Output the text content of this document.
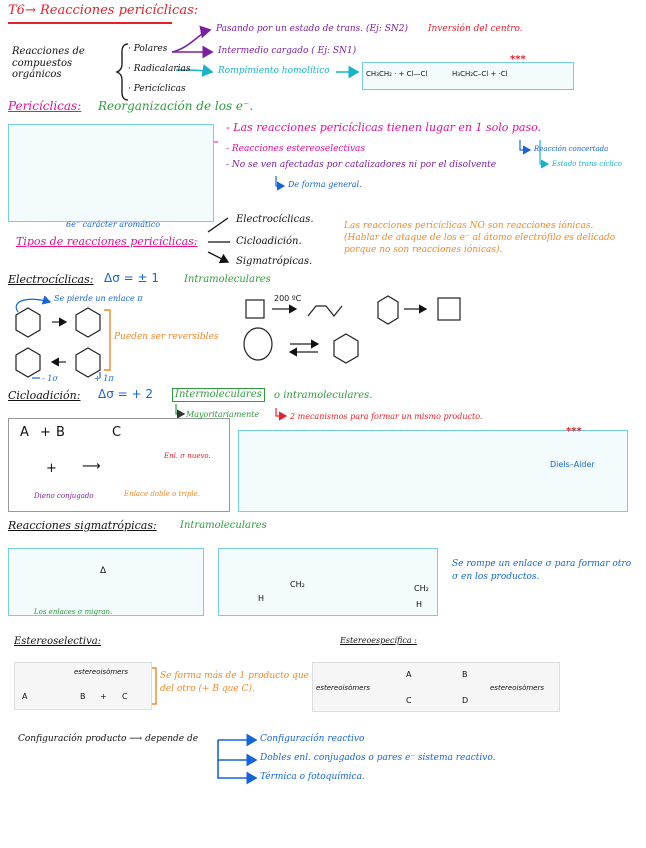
T6→ Reacciones pericíclicas:
Reacciones de compuestos orgánicos
· Polares
· Radicalarias
· Pericíclicas
Pasando por un estado de trans. (Ej: SN2) Inversión del centro.
Intermedio cargado ( Ej: SN1)
Rompimiento homolítico	CH₃CH₂ · + Cl—Cl	H₃CH₂C–Cl + ·Cl
***
Pericíclicas: Reorganización de los e⁻.
- Las reacciones pericíclicas tienen lugar en 1 solo paso.
Reacción concertada
Estado trans cíclico
- Reacciones estereoselectivas
- No se ven afectadas por catalizadores ni por el disolvente
De forma general.
6e⁻ carácter aromático
Tipos de reacciones pericíclicas:
Electrocíclicas.
Cicloadición.
Sigmatrópicas.
Las reacciones pericíclicas NO son reacciones iónicas.(Hablar de ataque de los e⁻ al átomo electrófilo es delicado porque no son reacciones iónicas).
Electrocíclicas: Δσ = ± 1 Intramoleculares
Se pierde un enlace π
Pueden ser reversibles
- 1σ	+ 1π
200 ºC
Cicloadición: Δσ = + 2	Intermoleculares	o intramoleculares.
Mayoritariamente	2 mecanismos para formar un mismo producto.
A + B	C
+ ⟶
Enl. σ nuevo.
Dieno conjugado	Enlace doble o triple.
Diels–Alder
***
Reacciones sigmatrópicas: Intramoleculares
Δ
Los enlaces σ migran.
CH₂
H
CH₂
H
Se rompe un enlace σ para formar otro σ en los productos.
Estereoselectiva:	Estereoespecífica :
estereoisòmers
A	B + C
Se forma más de 1 producto que del otro (+ B que C).	estereoisòmers	estereoisòmers
A	B
C	D
Configuración producto ⟶ depende de	Configuración reactivo
Dobles enl. conjugados o pares e⁻ sistema reactivo.
Térmica o fotoquímica.
